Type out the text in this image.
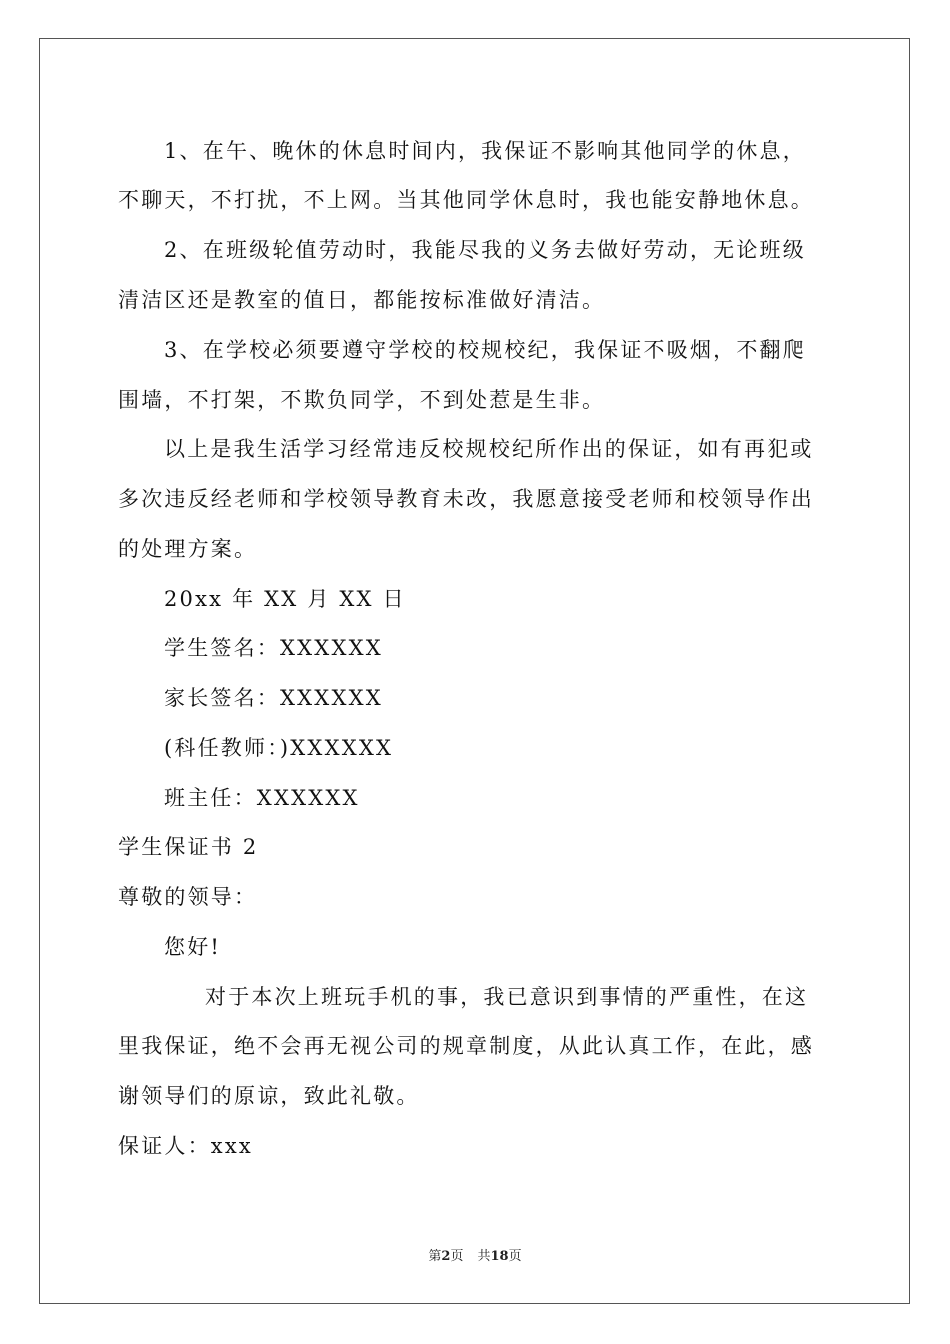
1、在午、晚休的休息时间内，我保证不影响其他同学的休息，
不聊天，不打扰，不上网。当其他同学休息时，我也能安静地休息。
2、在班级轮值劳动时，我能尽我的义务去做好劳动，无论班级
清洁区还是教室的值日，都能按标准做好清洁。
3、在学校必须要遵守学校的校规校纪，我保证不吸烟，不翻爬
围墙，不打架，不欺负同学，不到处惹是生非。
以上是我生活学习经常违反校规校纪所作出的保证，如有再犯或
多次违反经老师和学校领导教育未改，我愿意接受老师和校领导作出
的处理方案。
20xx 年 XX 月 XX 日
学生签名：XXXXXX
家长签名：XXXXXX
(科任教师：)XXXXXX
班主任：XXXXXX
学生保证书 2
尊敬的领导：
您好!
对于本次上班玩手机的事，我已意识到事情的严重性，在这
里我保证，绝不会再无视公司的规章制度，从此认真工作，在此，感
谢领导们的原谅，致此礼敬。
保证人：xxx
第2页 共18页
